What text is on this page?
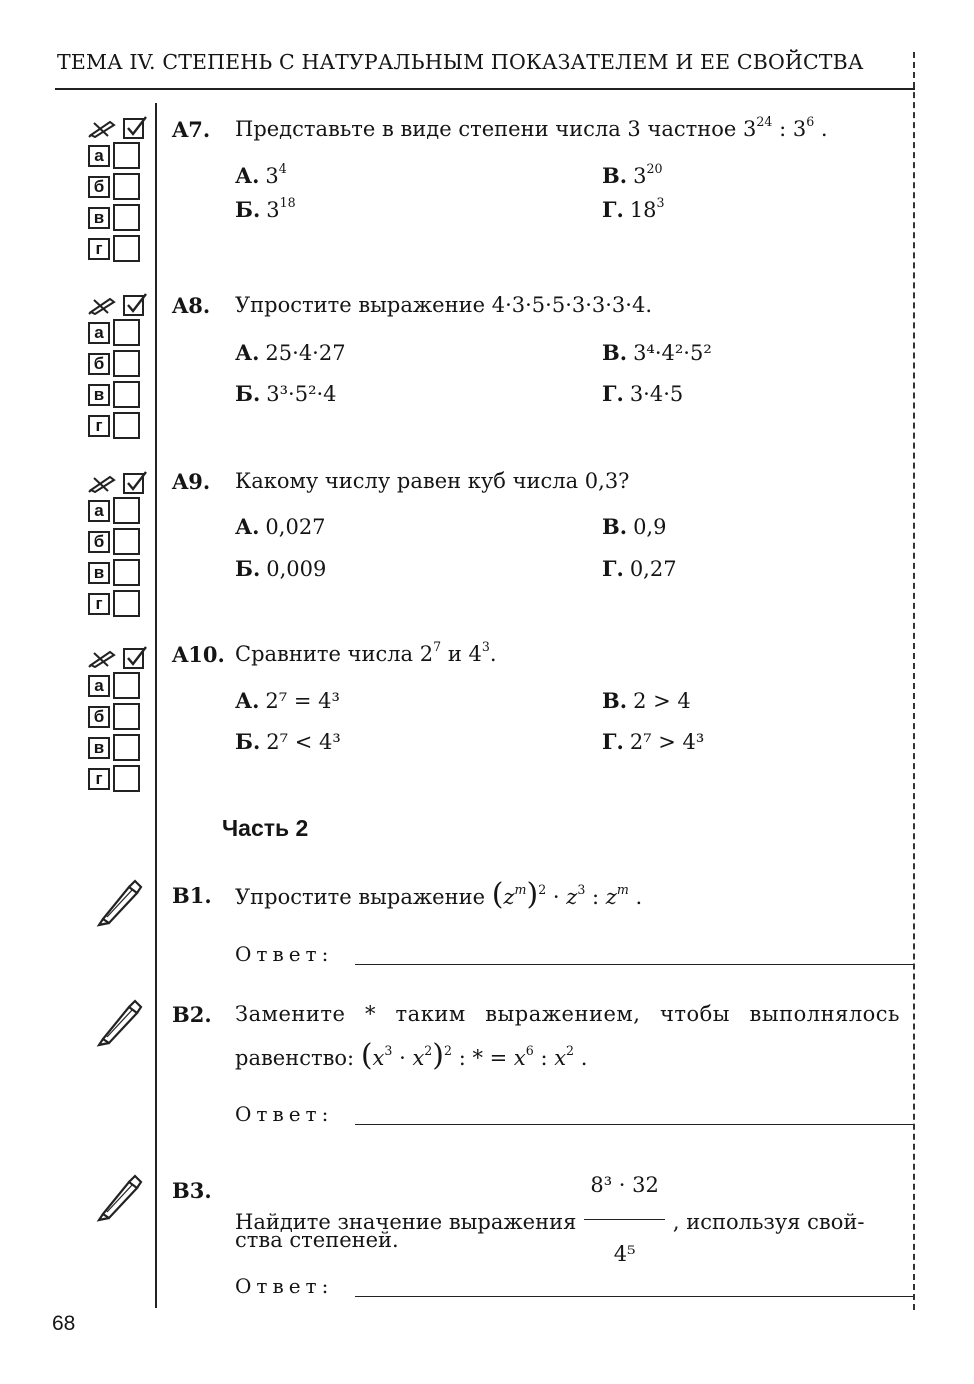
ТЕМА IV. СТЕПЕНЬ С НАТУРАЛЬНЫМ ПОКАЗАТЕЛЕМ И ЕЕ СВОЙСТВА
а
б
в
г
A7. Представьте в виде степени числа 3 частное $3^{24}$ : $3^6$ .
А. $3^4$
Б. $3^{18}$
В. $3^{20}$
Г. $18^3$
а
б
в
г
A8. Упростите выражение 4·3·5·5·3·3·3·4.
А. 25·4·27
Б. 3³·5²·4
В. 3⁴·4²·5²
Г. 3·4·5
а
б
в
г
A9. Какому числу равен куб числа 0,3?
А. 0,027
Б. 0,009
В. 0,9
Г. 0,27
а
б
в
г
A10. Сравните числа $2^7$ и $4^3$.
А. 2⁷ = 4³
Б. 2⁷ < 4³
В. 2 > 4
Г. 2⁷ > 4³
Часть 2
B1. Упростите выражение $(z^m)^2 \cdot z^3$ : $z^m$ .
Ответ:
B2. Замените * таким выражением, чтобы выполнялось
равенство: $(x^3 \cdot x^2)^2$ : * = $x^6$ : $x^2$ .
Ответ:
B3.
Найдите значение выражения $\frac{\text{8³ · 32}}{\text{4⁵}}$ , используя свой-
ства степеней.
Ответ:
68
